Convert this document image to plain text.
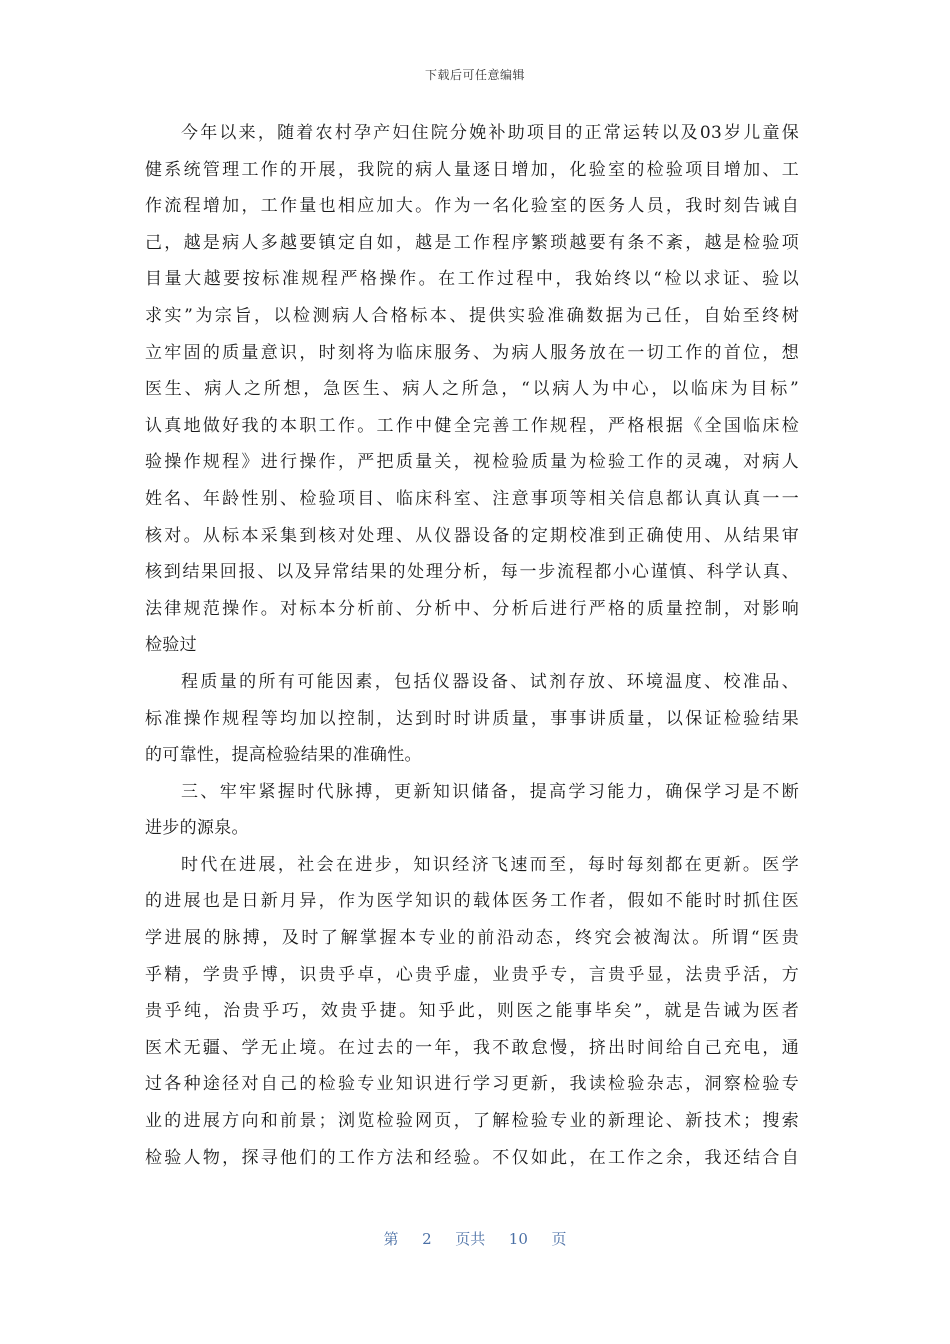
下载后可任意编辑
今年以来，随着农村孕产妇住院分娩补助项目的正常运转以及03岁儿童保
健系统管理工作的开展，我院的病人量逐日增加，化验室的检验项目增加、工
作流程增加，工作量也相应加大。作为一名化验室的医务人员，我时刻告诫自
己，越是病人多越要镇定自如，越是工作程序繁琐越要有条不紊，越是检验项
目量大越要按标准规程严格操作。在工作过程中，我始终以“检以求证、验以
求实”为宗旨，以检测病人合格标本、提供实验准确数据为己任，自始至终树
立牢固的质量意识，时刻将为临床服务、为病人服务放在一切工作的首位，想
医生、病人之所想，急医生、病人之所急，“以病人为中心，以临床为目标”
认真地做好我的本职工作。工作中健全完善工作规程，严格根据《全国临床检
验操作规程》进行操作，严把质量关，视检验质量为检验工作的灵魂，对病人
姓名、年龄性别、检验项目、临床科室、注意事项等相关信息都认真认真一一
核对。从标本采集到核对处理、从仪器设备的定期校准到正确使用、从结果审
核到结果回报、以及异常结果的处理分析，每一步流程都小心谨慎、科学认真、
法律规范操作。对标本分析前、分析中、分析后进行严格的质量控制，对影响
检验过
程质量的所有可能因素，包括仪器设备、试剂存放、环境温度、校准品、
标准操作规程等均加以控制，达到时时讲质量，事事讲质量，以保证检验结果
的可靠性，提高检验结果的准确性。
三、牢牢紧握时代脉搏，更新知识储备，提高学习能力，确保学习是不断
进步的源泉。
时代在进展，社会在进步，知识经济飞速而至，每时每刻都在更新。医学
的进展也是日新月异，作为医学知识的载体医务工作者，假如不能时时抓住医
学进展的脉搏，及时了解掌握本专业的前沿动态，终究会被淘汰。所谓“医贵
乎精，学贵乎博，识贵乎卓，心贵乎虚，业贵乎专，言贵乎显，法贵乎活，方
贵乎纯，治贵乎巧，效贵乎捷。知乎此，则医之能事毕矣”，就是告诫为医者
医术无疆、学无止境。在过去的一年，我不敢怠慢，挤出时间给自己充电，通
过各种途径对自己的检验专业知识进行学习更新，我读检验杂志，洞察检验专
业的进展方向和前景；浏览检验网页，了解检验专业的新理论、新技术；搜索
检验人物，探寻他们的工作方法和经验。不仅如此，在工作之余，我还结合自
第 2 页共 10 页
